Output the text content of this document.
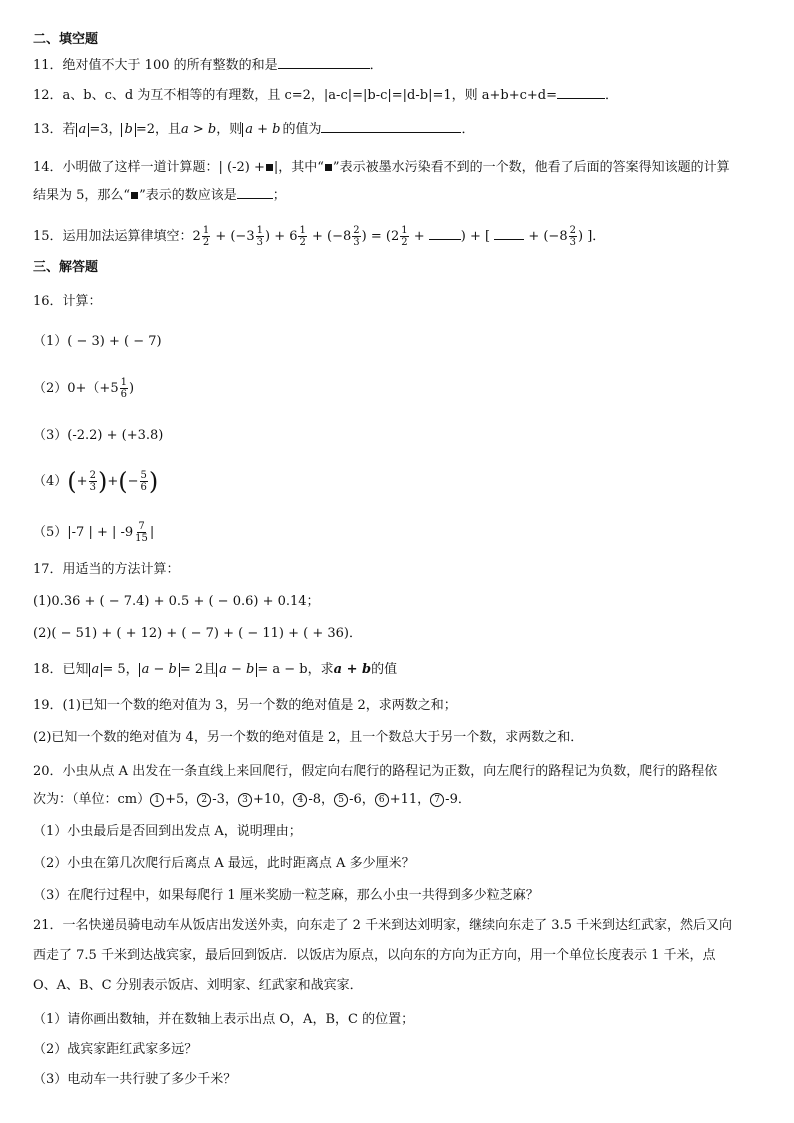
二、填空题
11．绝对值不大于 100 的所有整数的和是	．
12．a、b、c、d 为互不相等的有理数，且 c=2，|a-c|=|b-c|=|d-b|=1，则 a+b+c+d=	．
13．若 a =3， b =2，且a > b，则 a + b 的值为	．
14．小明做了这样一道计算题：| (-2) + |，其中“ ”表示被墨水污染看不到的一个数，他看了后面的答案得知该题的计算
结果为 5，那么“ ”表示的数应该是	；
15．运用加法运算律填空：$2 \frac{1}{2} + (-3 \frac{1}{3}$ ) + $6 \frac{1}{2} + (-8 \frac{2}{3}$ ) = ($2 \frac{1}{2}$ + ) + [  + ($-8 \frac{2}{3}$ ) ]．
三、解答题
16．计算：
（1）( − 3) + ( − 7)
$(2)0+(+5 \frac{1}{6}$ )
（3）(-2.2) + (+3.8)
$(4)(+ \frac{2}{3}$ )+(− $\frac{5}{6}$ )
（5）|-7 | + | $-9 \frac{7}{15}$ |
17．用适当的方法计算：
(1)0.36 + ( − 7.4) + 0.5 + ( − 0.6) + 0.14；
(2)( − 51) + ( + 12) + ( − 7) + ( − 11) + ( + 36)．
18．已知 a = 5， a − b = 2且 a − b = a − b，求a + b的值
19．(1)已知一个数的绝对值为 3，另一个数的绝对值是 2，求两数之和；
(2)已知一个数的绝对值为 4，另一个数的绝对值是 2，且一个数总大于另一个数，求两数之和．
20．小虫从点 A 出发在一条直线上来回爬行，假定向右爬行的路程记为正数，向左爬行的路程记为负数，爬行的路程依
次为：（单位：cm） 1 +5， 2 -3， 3 +10， 4 -8， 5 -6， 6 +11， 7 -9．
（1）小虫最后是否回到出发点 A，说明理由；
（2）小虫在第几次爬行后离点 A 最远，此时距离点 A 多少厘米？
（3）在爬行过程中，如果每爬行 1 厘米奖励一粒芝麻，那么小虫一共得到多少粒芝麻？
21．一名快递员骑电动车从饭店出发送外卖，向东走了 2 千米到达刘明家，继续向东走了 3.5 千米到达红武家，然后又向
西走了 7.5 千米到达战宾家，最后回到饭店．以饭店为原点，以向东的方向为正方向，用一个单位长度表示 1 千米，点
O、A、B、C 分别表示饭店、刘明家、红武家和战宾家．
（1）请你画出数轴，并在数轴上表示出点 O，A，B，C 的位置；
（2）战宾家距红武家多远？
（3）电动车一共行驶了多少千米？
